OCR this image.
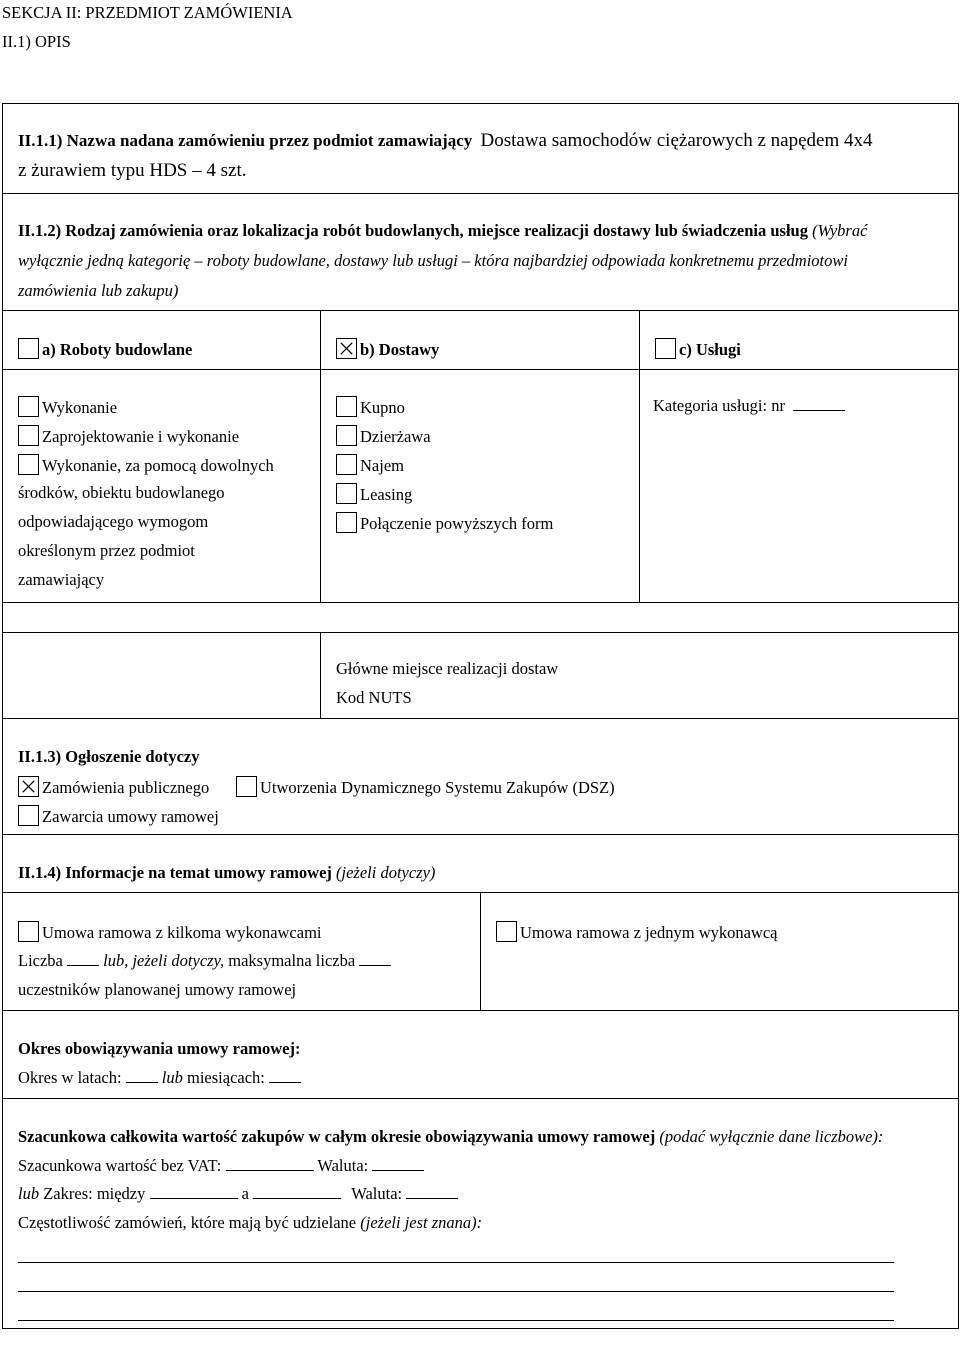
SEKCJA II: PRZEDMIOT ZAMÓWIENIA
II.1) OPIS
II.1.1) Nazwa nadana zamówieniu przez podmiot zamawiający Dostawa samochodów ciężarowych z napędem 4x4
z żurawiem typu HDS – 4 szt.
II.1.2) Rodzaj zamówienia oraz lokalizacja robót budowlanych, miejsce realizacji dostawy lub świadczenia usług (Wybrać
wyłącznie jedną kategorię – roboty budowlane, dostawy lub usługi – która najbardziej odpowiada konkretnemu przedmiotowi
zamówienia lub zakupu)
a) Roboty budowlane	b) Dostawy	c) Usługi
Wykonanie
Zaprojektowanie i wykonanie
Wykonanie, za pomocą dowolnych
środków, obiektu budowlanego
odpowiadającego wymogom
określonym przez podmiot
zamawiający
Kupno
Dzierżawa
Najem
Leasing
Połączenie powyższych form
Kategoria usługi: nr
Główne miejsce realizacji dostaw
Kod NUTS
II.1.3) Ogłoszenie dotyczy
Zamówienia publicznego	Utworzenia Dynamicznego Systemu Zakupów (DSZ)
Zawarcia umowy ramowej
II.1.4) Informacje na temat umowy ramowej (jeżeli dotyczy)
Umowa ramowa z kilkoma wykonawcami
Liczba lub, jeżeli dotyczy, maksymalna liczba
uczestników planowanej umowy ramowej
Umowa ramowa z jednym wykonawcą
Okres obowiązywania umowy ramowej:
Okres w latach: lub miesiącach:
Szacunkowa całkowita wartość zakupów w całym okresie obowiązywania umowy ramowej (podać wyłącznie dane liczbowe):
Szacunkowa wartość bez VAT:	Waluta:
lub Zakres: między	a	Waluta:
Częstotliwość zamówień, które mają być udzielane (jeżeli jest znana):
